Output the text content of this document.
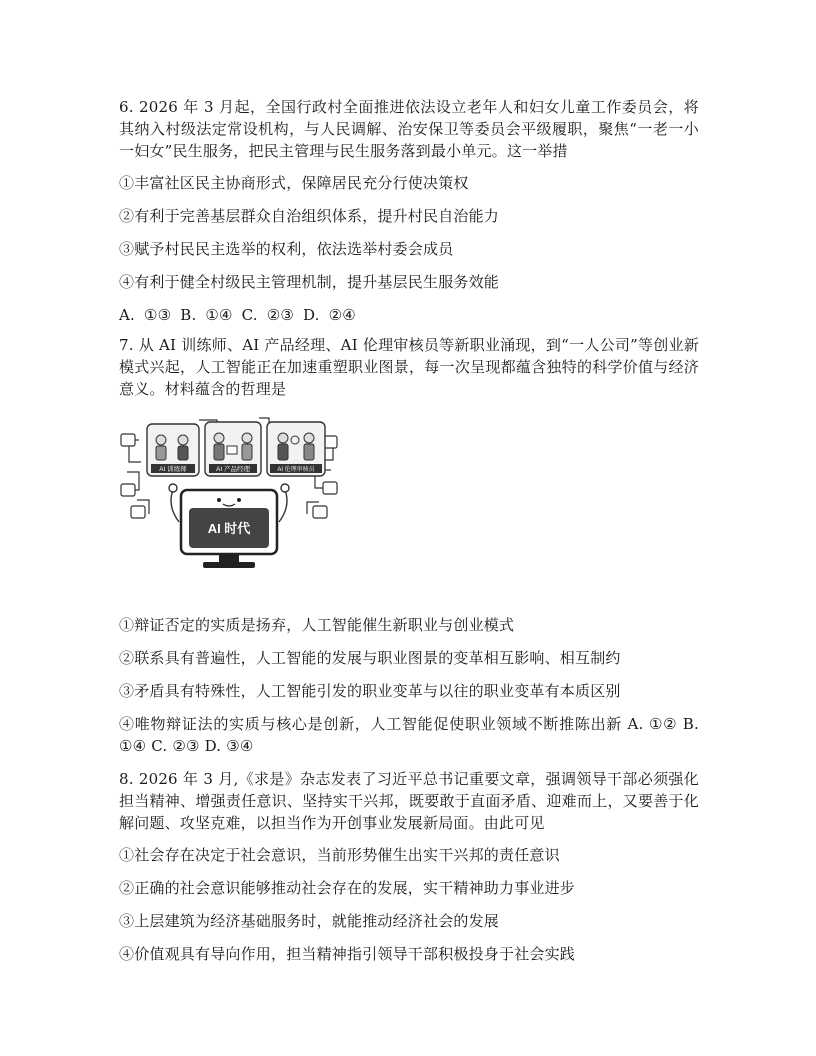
6. 2026 年 3 月起，全国行政村全面推进依法设立老年人和妇女儿童工作委员会，将其纳入村级法定常设机构，与人民调解、治安保卫等委员会平级履职，聚焦“一老一小一妇女”民生服务，把民主管理与民生服务落到最小单元。这一举措

①丰富社区民主协商形式，保障居民充分行使决策权

②有利于完善基层群众自治组织体系，提升村民自治能力

③赋予村民民主选举的权利，依法选举村委会成员

④有利于健全村级民主管理机制，提升基层民生服务效能

A. ①③ B. ①④ C. ②③ D. ②④

7. 从 AI 训练师、AI 产品经理、AI 伦理审核员等新职业涌现，到“一人公司”等创业新模式兴起，人工智能正在加速重塑职业图景，每一次呈现都蕴含独特的科学价值与经济意义。材料蕴含的哲理是

AI 训练师	AI 产品经理	AI 伦理审核员
AI 时代

①辩证否定的实质是扬弃，人工智能催生新职业与创业模式

②联系具有普遍性，人工智能的发展与职业图景的变革相互影响、相互制约

③矛盾具有特殊性，人工智能引发的职业变革与以往的职业变革有本质区别

④唯物辩证法的实质与核心是创新，人工智能促使职业领域不断推陈出新 A. ①② B. ①④ C. ②③ D. ③④

8. 2026 年 3 月,《求是》杂志发表了习近平总书记重要文章，强调领导干部必须强化担当精神、增强责任意识、坚持实干兴邦，既要敢于直面矛盾、迎难而上，又要善于化解问题、攻坚克难，以担当作为开创事业发展新局面。由此可见

①社会存在决定于社会意识，当前形势催生出实干兴邦的责任意识

②正确的社会意识能够推动社会存在的发展，实干精神助力事业进步

③上层建筑为经济基础服务时，就能推动经济社会的发展

④价值观具有导向作用，担当精神指引领导干部积极投身于社会实践
